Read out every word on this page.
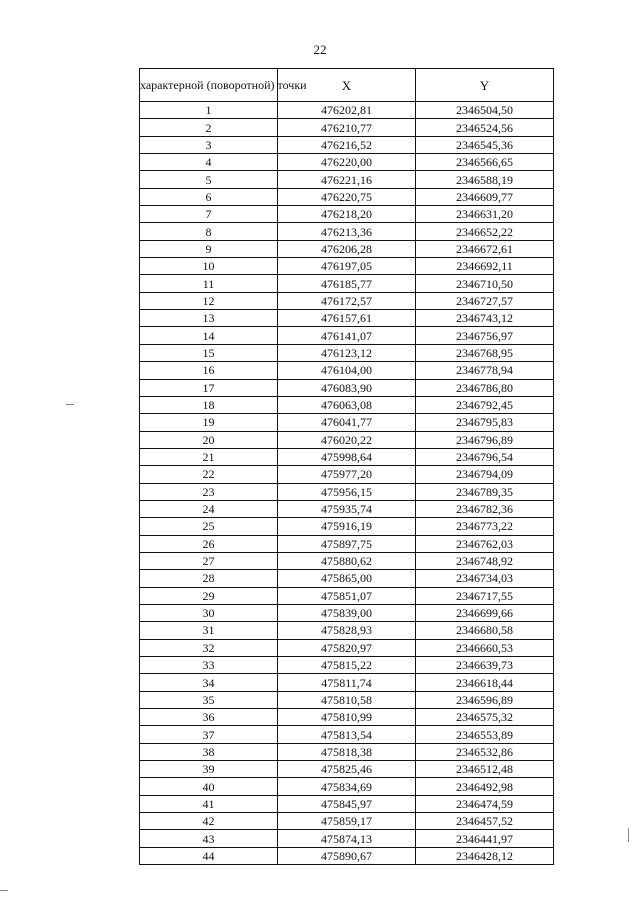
22
характерной (поворотной) точки	X	Y
1	476202,81	2346504,50
2	476210,77	2346524,56
3	476216,52	2346545,36
4	476220,00	2346566,65
5	476221,16	2346588,19
6	476220,75	2346609,77
7	476218,20	2346631,20
8	476213,36	2346652,22
9	476206,28	2346672,61
10	476197,05	2346692,11
11	476185,77	2346710,50
12	476172,57	2346727,57
13	476157,61	2346743,12
14	476141,07	2346756,97
15	476123,12	2346768,95
16	476104,00	2346778,94
17	476083,90	2346786,80
18	476063,08	2346792,45
19	476041,77	2346795,83
20	476020,22	2346796,89
21	475998,64	2346796,54
22	475977,20	2346794,09
23	475956,15	2346789,35
24	475935,74	2346782,36
25	475916,19	2346773,22
26	475897,75	2346762,03
27	475880,62	2346748,92
28	475865,00	2346734,03
29	475851,07	2346717,55
30	475839,00	2346699,66
31	475828,93	2346680,58
32	475820,97	2346660,53
33	475815,22	2346639,73
34	475811,74	2346618,44
35	475810,58	2346596,89
36	475810,99	2346575,32
37	475813,54	2346553,89
38	475818,38	2346532,86
39	475825,46	2346512,48
40	475834,69	2346492,98
41	475845,97	2346474,59
42	475859,17	2346457,52
43	475874,13	2346441,97
44	475890,67	2346428,12
